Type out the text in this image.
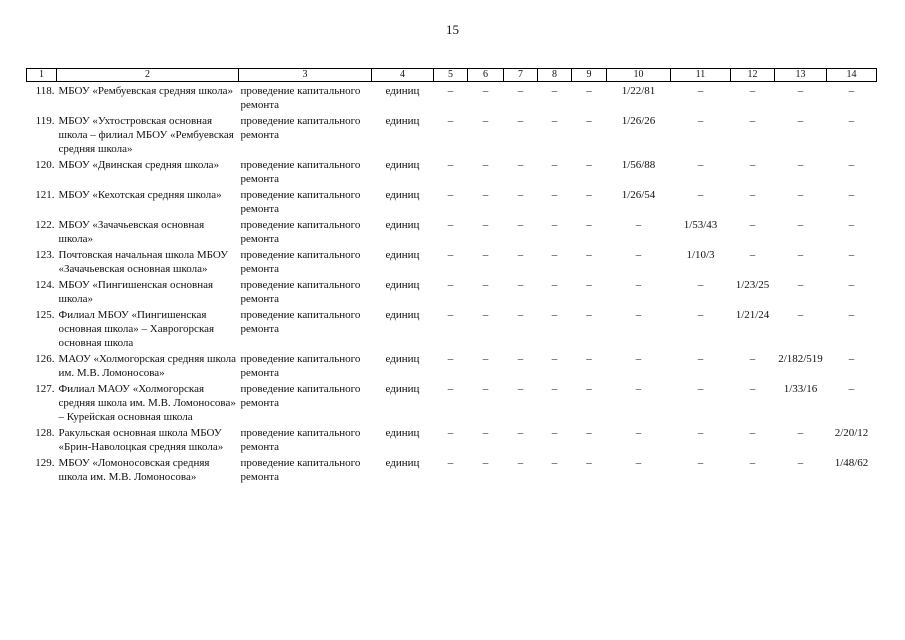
15
1	2	3	4	5	6	7	8	9	10	11	12	13	14
118.	МБОУ «Рембуевская средняя школа»	проведение капитального ремонта	единиц	–	–	–	–	–	1/22/81	–	–	–	–
119.	МБОУ «Ухтостровская основная школа – филиал МБОУ «Рембуевская средняя школа»	проведение капитального ремонта	единиц	–	–	–	–	–	1/26/26	–	–	–	–
120.	МБОУ «Двинская средняя школа»	проведение капитального ремонта	единиц	–	–	–	–	–	1/56/88	–	–	–	–
121.	МБОУ «Кехотская средняя школа»	проведение капитального ремонта	единиц	–	–	–	–	–	1/26/54	–	–	–	–
122.	МБОУ «Зачачьевская основная школа»	проведение капитального ремонта	единиц	–	–	–	–	–	–	1/53/43	–	–	–
123.	Почтовская начальная школа МБОУ «Зачачьевская основная школа»	проведение капитального ремонта	единиц	–	–	–	–	–	–	1/10/3	–	–	–
124.	МБОУ «Пингишенская основная школа»	проведение капитального ремонта	единиц	–	–	–	–	–	–	–	1/23/25	–	–
125.	Филиал МБОУ «Пингишенская основная школа» – Хаврогорская основная школа	проведение капитального ремонта	единиц	–	–	–	–	–	–	–	1/21/24	–	–
126.	МАОУ «Холмогорская средняя школа им. М.В. Ломоносова»	проведение капитального ремонта	единиц	–	–	–	–	–	–	–	–	2/182/519	–
127.	Филиал МАОУ «Холмогорская средняя школа им. М.В. Ломоносова» – Курейская основная школа	проведение капитального ремонта	единиц	–	–	–	–	–	–	–	–	1/33/16	–
128.	Ракульская основная школа МБОУ «Брин-Наволоцкая средняя школа»	проведение капитального ремонта	единиц	–	–	–	–	–	–	–	–	–	2/20/12
129.	МБОУ «Ломоносовская средняя школа им. М.В. Ломоносова»	проведение капитального ремонта	единиц	–	–	–	–	–	–	–	–	–	1/48/62
